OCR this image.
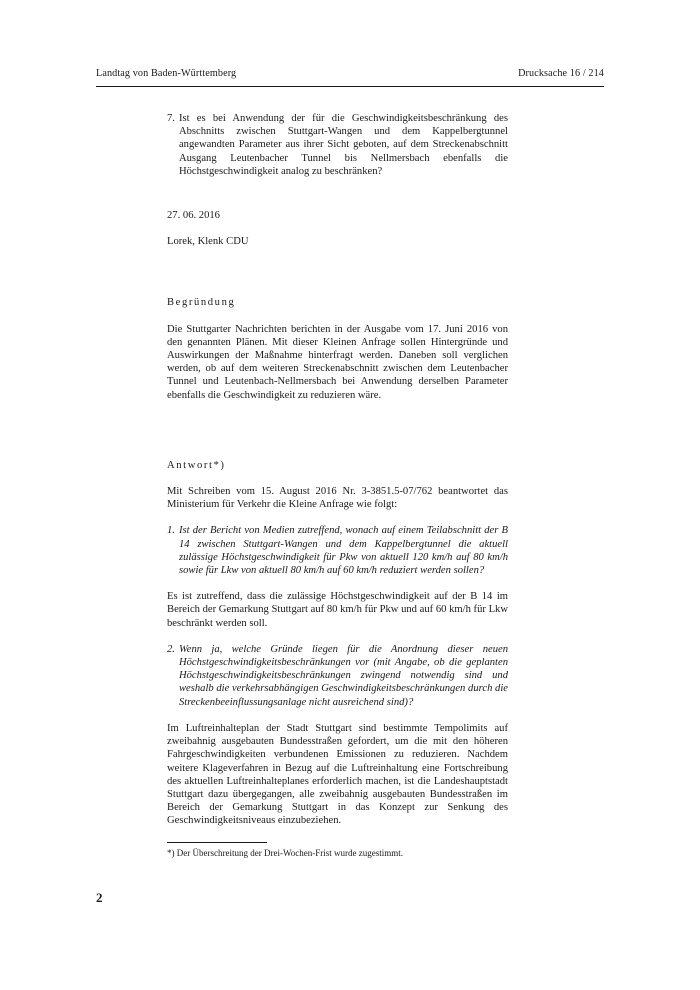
Landtag von Baden-Württemberg	Drucksache 16 / 214
7. Ist es bei Anwendung der für die Geschwindigkeitsbeschränkung des Abschnitts zwischen Stuttgart-Wangen und dem Kappelbergtunnel angewandten Parameter aus ihrer Sicht geboten, auf dem Streckenabschnitt Ausgang Leutenbacher Tunnel bis Nellmersbach ebenfalls die Höchstgeschwindigkeit analog zu beschränken?

27. 06. 2016

Lorek, Klenk CDU

Begründung

Die Stuttgarter Nachrichten berichten in der Ausgabe vom 17. Juni 2016 von den genannten Plänen. Mit dieser Kleinen Anfrage sollen Hintergründe und Auswirkungen der Maßnahme hinterfragt werden. Daneben soll verglichen werden, ob auf dem weiteren Streckenabschnitt zwischen dem Leutenbacher Tunnel und Leutenbach-Nellmersbach bei Anwendung derselben Parameter ebenfalls die Geschwindigkeit zu reduzieren wäre.

Antwort*)

Mit Schreiben vom 15. August 2016 Nr. 3-3851.5-07/762 beantwortet das Ministerium für Verkehr die Kleine Anfrage wie folgt:

1. Ist der Bericht von Medien zutreffend, wonach auf einem Teilabschnitt der B 14 zwischen Stuttgart-Wangen und dem Kappelbergtunnel die aktuell zulässige Höchstgeschwindigkeit für Pkw von aktuell 120 km/h auf 80 km/h sowie für Lkw von aktuell 80 km/h auf 60 km/h reduziert werden sollen?

Es ist zutreffend, dass die zulässige Höchstgeschwindigkeit auf der B 14 im Bereich der Gemarkung Stuttgart auf 80 km/h für Pkw und auf 60 km/h für Lkw beschränkt werden soll.

2. Wenn ja, welche Gründe liegen für die Anordnung dieser neuen Höchstgeschwindigkeitsbeschränkungen vor (mit Angabe, ob die geplanten Höchstgeschwindigkeitsbeschränkungen zwingend notwendig sind und weshalb die verkehrsabhängigen Geschwindigkeitsbeschränkungen durch die Streckenbeeinflussungsanlage nicht ausreichend sind)?

Im Luftreinhalteplan der Stadt Stuttgart sind bestimmte Tempolimits auf zweibahnig ausgebauten Bundesstraßen gefordert, um die mit den höheren Fahrgeschwindigkeiten verbundenen Emissionen zu reduzieren. Nachdem weitere Klageverfahren in Bezug auf die Luftreinhaltung eine Fortschreibung des aktuellen Luftreinhalteplanes erforderlich machen, ist die Landeshauptstadt Stuttgart dazu übergegangen, alle zweibahnig ausgebauten Bundesstraßen im Bereich der Gemarkung Stuttgart in das Konzept zur Senkung des Geschwindigkeitsniveaus einzubeziehen.

*) Der Überschreitung der Drei-Wochen-Frist wurde zugestimmt.
2
